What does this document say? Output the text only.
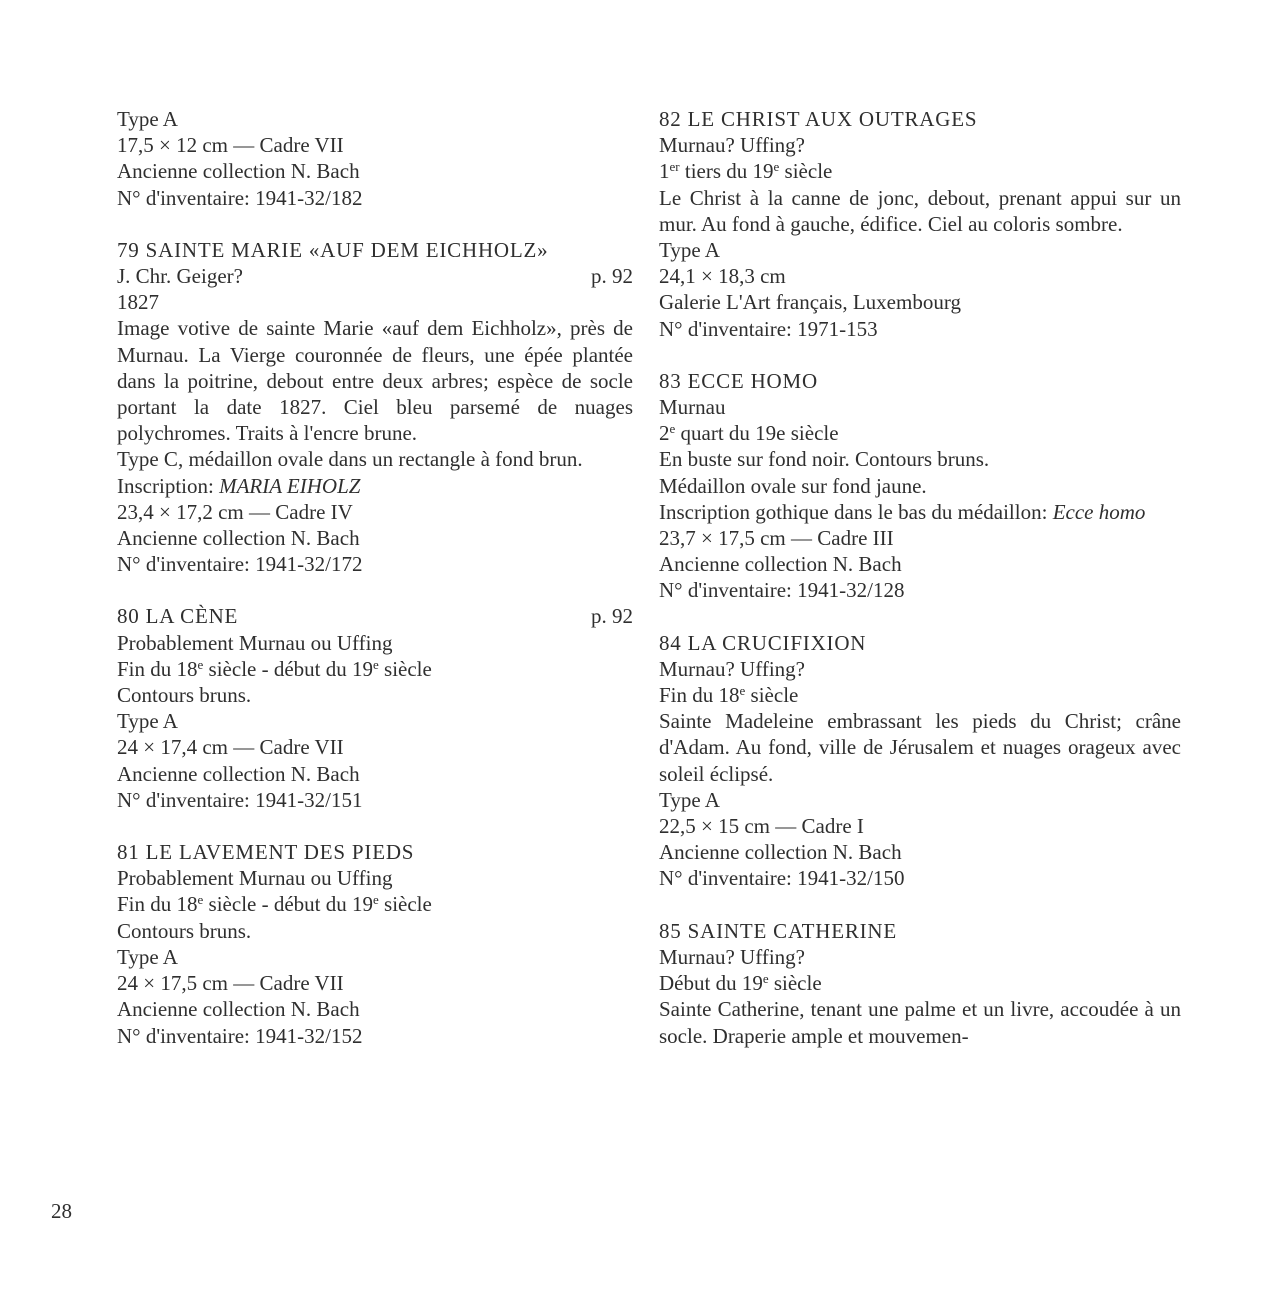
Type A
17,5 × 12 cm — Cadre VII
Ancienne collection N. Bach
N° d'inventaire: 1941-32/182
79 SAINTE MARIE «AUF DEM EICHHOLZ»
J. Chr. Geiger?	p. 92
1827
Image votive de sainte Marie «auf dem Eichholz», près de Murnau. La Vierge couronnée de fleurs, une épée plantée dans la poitrine, debout entre deux arbres; espèce de socle portant la date 1827. Ciel bleu parsemé de nuages polychromes. Traits à l'encre brune.
Type C, médaillon ovale dans un rectangle à fond brun.
Inscription: MARIA EIHOLZ
23,4 × 17,2 cm — Cadre IV
Ancienne collection N. Bach
N° d'inventaire: 1941-32/172
80 LA CÈNE	p. 92
Probablement Murnau ou Uffing
Fin du 18e siècle - début du 19e siècle
Contours bruns.
Type A
24 × 17,4 cm — Cadre VII
Ancienne collection N. Bach
N° d'inventaire: 1941-32/151
81 LE LAVEMENT DES PIEDS
Probablement Murnau ou Uffing
Fin du 18e siècle - début du 19e siècle
Contours bruns.
Type A
24 × 17,5 cm — Cadre VII
Ancienne collection N. Bach
N° d'inventaire: 1941-32/152
82 LE CHRIST AUX OUTRAGES
Murnau? Uffing?
1er tiers du 19e siècle
Le Christ à la canne de jonc, debout, prenant appui sur un mur. Au fond à gauche, édifice. Ciel au coloris sombre.
Type A
24,1 × 18,3 cm
Galerie L'Art français, Luxembourg
N° d'inventaire: 1971-153
83 ECCE HOMO
Murnau
2e quart du 19e siècle
En buste sur fond noir. Contours bruns.
Médaillon ovale sur fond jaune.
Inscription gothique dans le bas du médaillon: Ecce homo
23,7 × 17,5 cm — Cadre III
Ancienne collection N. Bach
N° d'inventaire: 1941-32/128
84 LA CRUCIFIXION
Murnau? Uffing?
Fin du 18e siècle
Sainte Madeleine embrassant les pieds du Christ; crâne d'Adam. Au fond, ville de Jérusalem et nuages orageux avec soleil éclipsé.
Type A
22,5 × 15 cm — Cadre I
Ancienne collection N. Bach
N° d'inventaire: 1941-32/150
85 SAINTE CATHERINE
Murnau? Uffing?
Début du 19e siècle
Sainte Catherine, tenant une palme et un livre, accoudée à un socle. Draperie ample et mouvemen-
28
